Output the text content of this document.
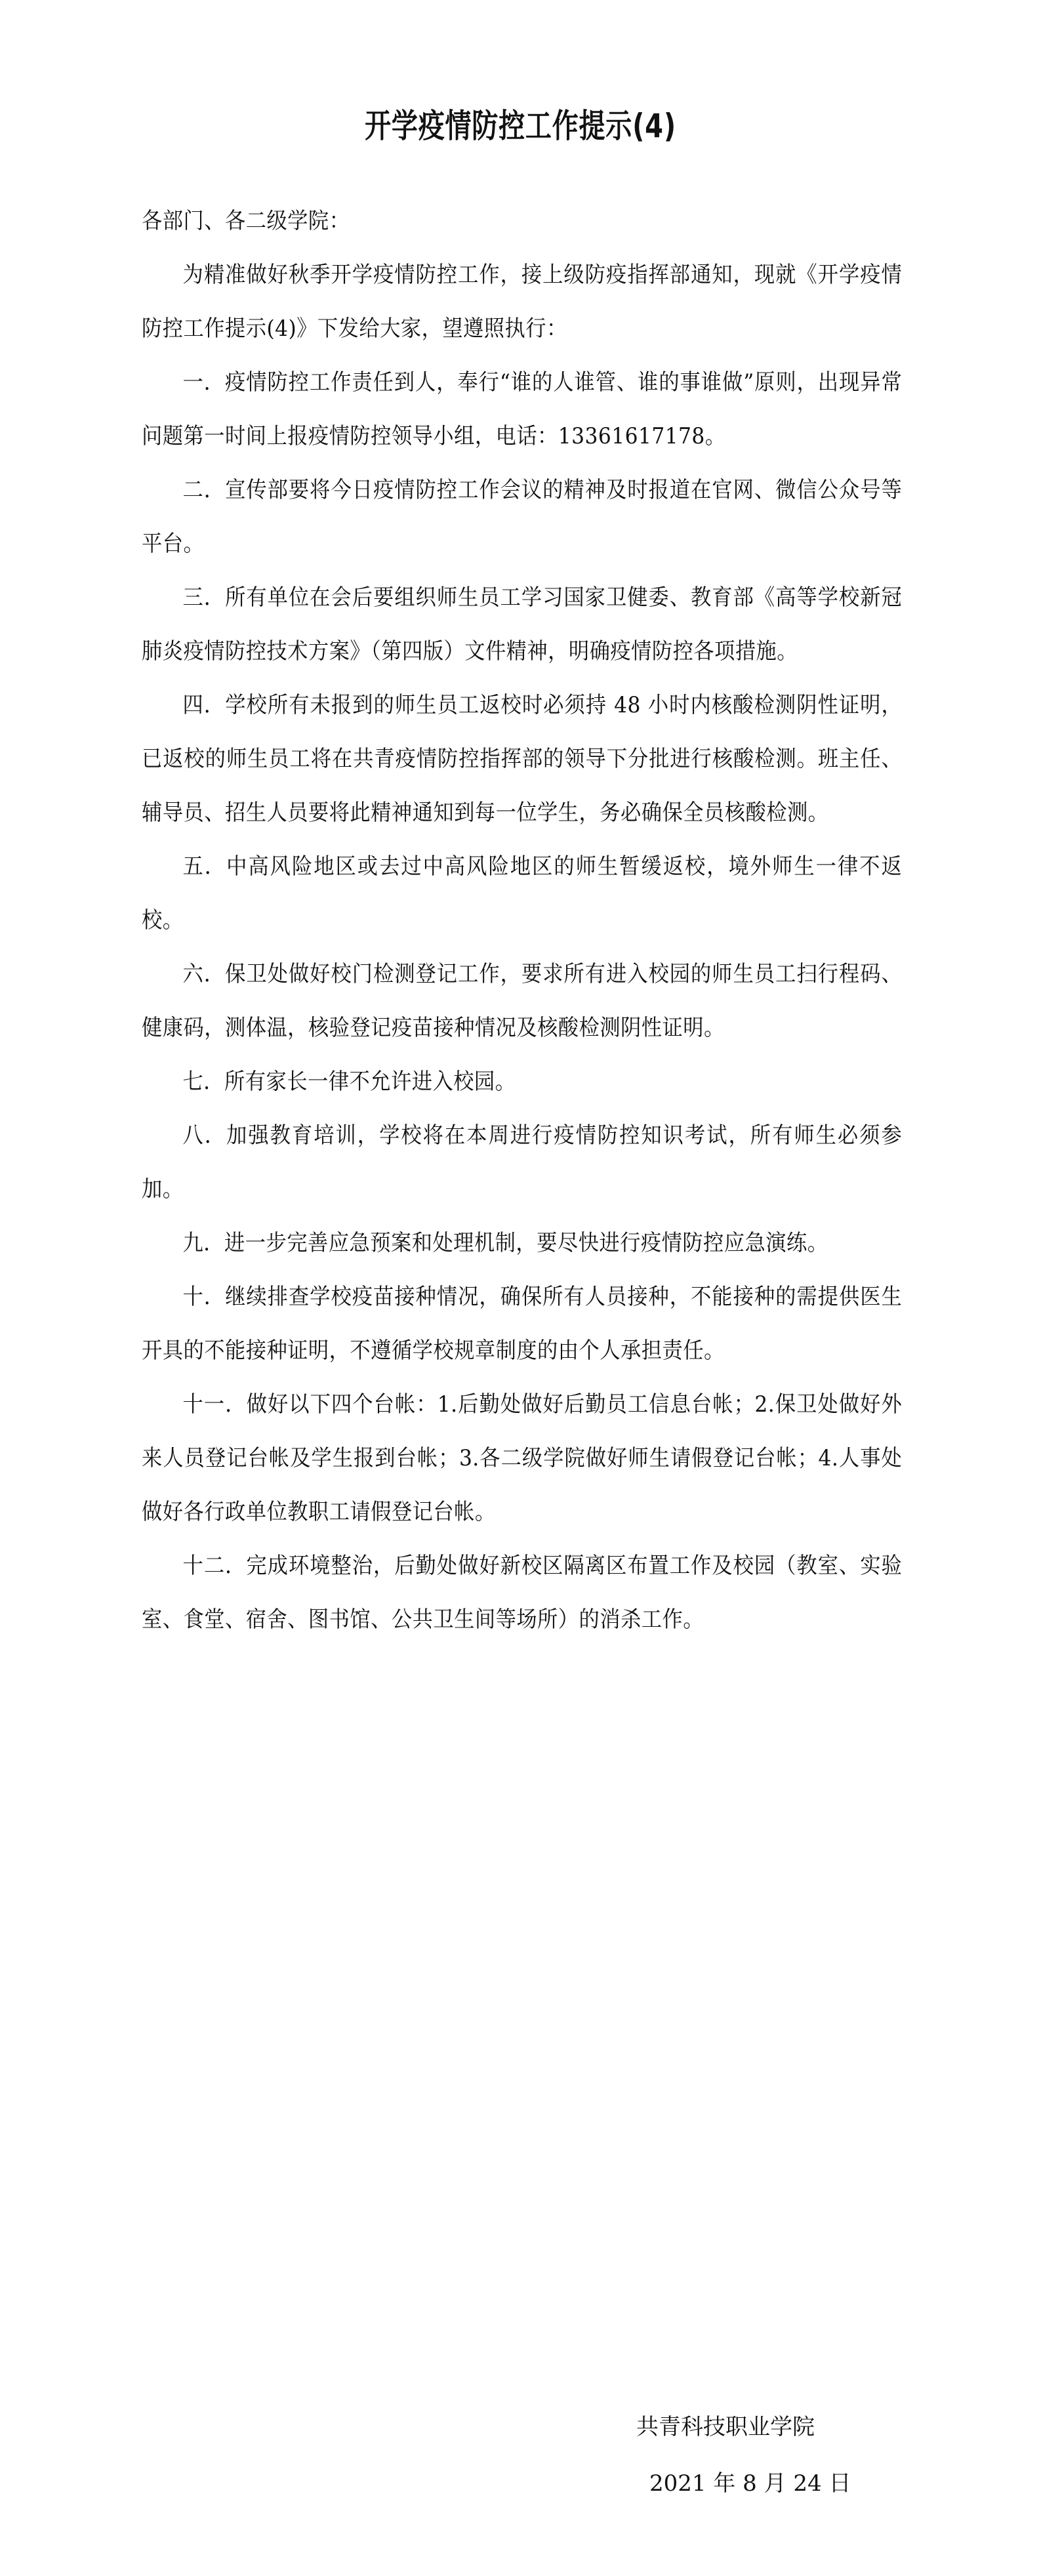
开学疫情防控工作提示(4)

各部门、各二级学院：

为精准做好秋季开学疫情防控工作，接上级防疫指挥部通知，现就《开学疫情防控工作提示(4)》下发给大家，望遵照执行：

一．疫情防控工作责任到人，奉行“谁的人谁管、谁的事谁做”原则，出现异常问题第一时间上报疫情防控领导小组，电话：13361617178。

二．宣传部要将今日疫情防控工作会议的精神及时报道在官网、微信公众号等平台。

三．所有单位在会后要组织师生员工学习国家卫健委、教育部《高等学校新冠肺炎疫情防控技术方案》（第四版）文件精神，明确疫情防控各项措施。

四．学校所有未报到的师生员工返校时必须持 48 小时内核酸检测阴性证明，已返校的师生员工将在共青疫情防控指挥部的领导下分批进行核酸检测。班主任、辅导员、招生人员要将此精神通知到每一位学生，务必确保全员核酸检测。

五．中高风险地区或去过中高风险地区的师生暂缓返校，境外师生一律不返校。

六．保卫处做好校门检测登记工作，要求所有进入校园的师生员工扫行程码、健康码，测体温，核验登记疫苗接种情况及核酸检测阴性证明。

七．所有家长一律不允许进入校园。

八．加强教育培训，学校将在本周进行疫情防控知识考试，所有师生必须参加。

九．进一步完善应急预案和处理机制，要尽快进行疫情防控应急演练。

十．继续排查学校疫苗接种情况，确保所有人员接种，不能接种的需提供医生开具的不能接种证明，不遵循学校规章制度的由个人承担责任。

十一．做好以下四个台帐：1.后勤处做好后勤员工信息台帐；2.保卫处做好外来人员登记台帐及学生报到台帐；3.各二级学院做好师生请假登记台帐；4.人事处做好各行政单位教职工请假登记台帐。

十二．完成环境整治，后勤处做好新校区隔离区布置工作及校园（教室、实验室、食堂、宿舍、图书馆、公共卫生间等场所）的消杀工作。

共青科技职业学院
2021 年 8 月 24 日
